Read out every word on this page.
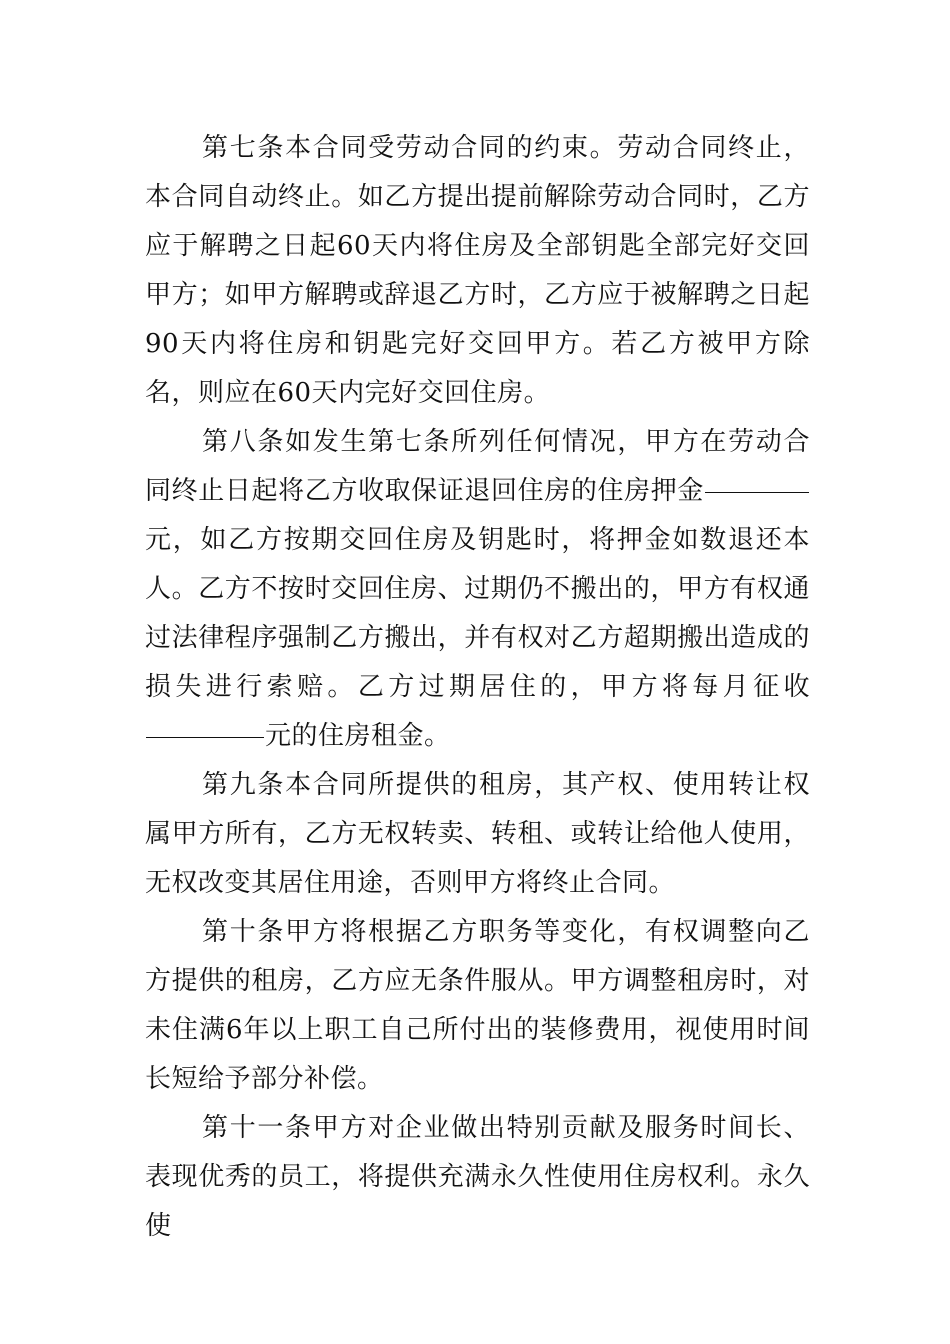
第七条本合同受劳动合同的约束。劳动合同终止，本合同自动终止。如乙方提出提前解除劳动合同时，乙方应于解聘之日起60天内将住房及全部钥匙全部完好交回甲方；如甲方解聘或辞退乙方时，乙方应于被解聘之日起90天内将住房和钥匙完好交回甲方。若乙方被甲方除名，则应在60天内完好交回住房。

第八条如发生第七条所列任何情况，甲方在劳动合同终止日起将乙方收取保证退回住房的住房押金元，如乙方按期交回住房及钥匙时，将押金如数退还本人。乙方不按时交回住房、过期仍不搬出的，甲方有权通过法律程序强制乙方搬出，并有权对乙方超期搬出造成的损失进行索赔。乙方过期居住的，甲方将每月征收元的住房租金。

第九条本合同所提供的租房，其产权、使用转让权属甲方所有，乙方无权转卖、转租、或转让给他人使用，无权改变其居住用途，否则甲方将终止合同。

第十条甲方将根据乙方职务等变化，有权调整向乙方提供的租房，乙方应无条件服从。甲方调整租房时，对未住满6年以上职工自己所付出的装修费用，视使用时间长短给予部分补偿。

第十一条甲方对企业做出特别贡献及服务时间长、表现优秀的员工，将提供充满永久性使用住房权利。永久使
